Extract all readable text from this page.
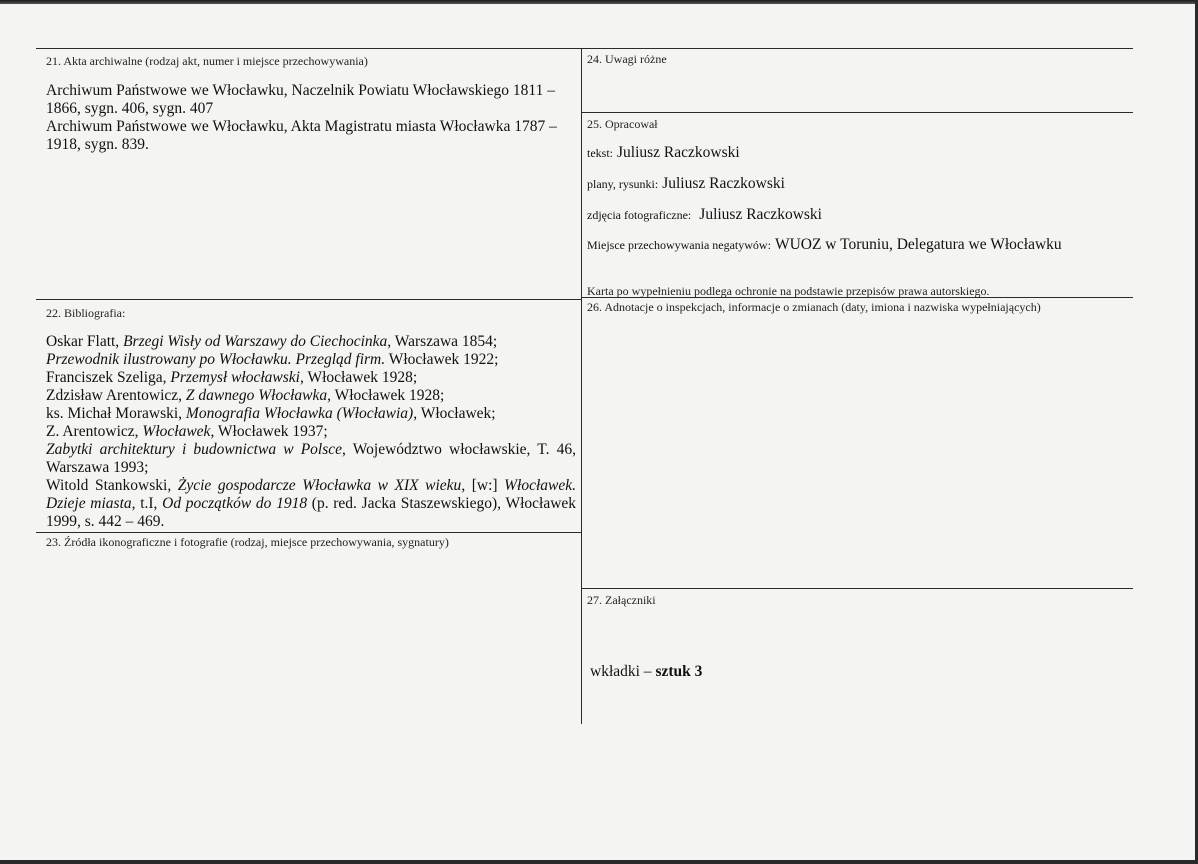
21. Akta archiwalne (rodzaj akt, numer i miejsce przechowywania)
Archiwum Państwowe we Włocławku, Naczelnik Powiatu Włocławskiego 1811 –
1866, sygn. 406, sygn. 407
Archiwum Państwowe we Włocławku, Akta Magistratu miasta Włocławka 1787 –
1918, sygn. 839.
22. Bibliografia:

Oskar Flatt, Brzegi Wisły od Warszawy do Ciechocinka, Warszawa 1854;

Przewodnik ilustrowany po Włocławku. Przegląd firm. Włocławek 1922;

Franciszek Szeliga, Przemysł włocławski, Włocławek 1928;

Zdzisław Arentowicz, Z dawnego Włocławka, Włocławek 1928;

ks. Michał Morawski, Monografia Włocławka (Włocławia), Włocławek;

Z. Arentowicz, Włocławek, Włocławek 1937;

Zabytki architektury i budownictwa w Polsce, Województwo włocławskie, T. 46,

Warszawa 1993;

Witold Stankowski, Życie gospodarcze Włocławka w XIX wieku, [w:] Włocławek.

Dzieje miasta, t.I, Od początków do 1918 (p. red. Jacka Staszewskiego), Włocławek

1999, s. 442 – 469.

23. Źródła ikonograficzne i fotografie (rodzaj, miejsce przechowywania, sygnatury)
24. Uwagi różne
25. Opracował
tekst: Juliusz Raczkowski
plany, rysunki: Juliusz Raczkowski
zdjęcia fotograficzne: Juliusz Raczkowski
Miejsce przechowywania negatywów: WUOZ w Toruniu, Delegatura we Włocławku
Karta po wypełnieniu podlega ochronie na podstawie przepisów prawa autorskiego.
26. Adnotacje o inspekcjach, informacje o zmianach (daty, imiona i nazwiska wypełniających)
27. Załączniki
wkładki – sztuk 3
